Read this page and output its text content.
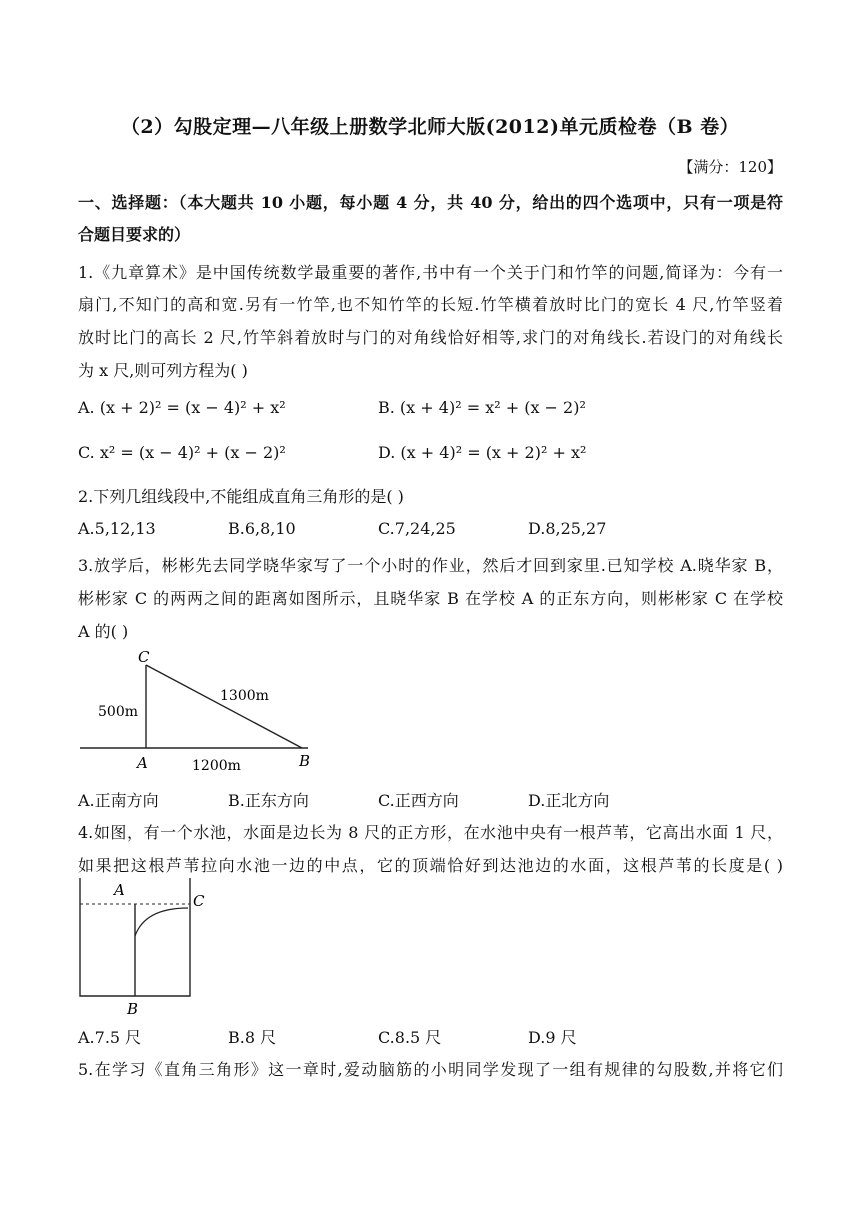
（2）勾股定理—八年级上册数学北师大版(2012)单元质检卷（B 卷）
【满分：120】
一、选择题：（本大题共 10 小题，每小题 4 分，共 40 分，给出的四个选项中，只有一项是符
合题目要求的）
1.《九章算术》是中国传统数学最重要的著作,书中有一个关于门和竹竿的问题,简译为：今有一
扇门,不知门的高和宽.另有一竹竿,也不知竹竿的长短.竹竿横着放时比门的宽长 4 尺,竹竿竖着
放时比门的高长 2 尺,竹竿斜着放时与门的对角线恰好相等,求门的对角线长.若设门的对角线长
为 x 尺,则可列方程为( )
A. (x + 2)² = (x − 4)² + x²	B. (x + 4)² = x² + (x − 2)²
C. x² = (x − 4)² + (x − 2)²	D. (x + 4)² = (x + 2)² + x²
2.下列几组线段中,不能组成直角三角形的是( )
A.5,12,13	B.6,8,10	C.7,24,25	D.8,25,27
3.放学后，彬彬先去同学晓华家写了一个小时的作业，然后才回到家里.已知学校 A.晓华家 B，
彬彬家 C 的两两之间的距离如图所示，且晓华家 B 在学校 A 的正东方向，则彬彬家 C 在学校
A 的( )
C
A	B
500m
1300m
1200m
A.正南方向	B.正东方向	C.正西方向	D.正北方向
4.如图，有一个水池，水面是边长为 8 尺的正方形，在水池中央有一根芦苇，它高出水面 1 尺，
如果把这根芦苇拉向水池一边的中点，它的顶端恰好到达池边的水面，这根芦苇的长度是( )
A
C
B
A.7.5 尺	B.8 尺	C.8.5 尺	D.9 尺
5.在学习《直角三角形》这一章时,爱动脑筋的小明同学发现了一组有规律的勾股数,并将它们
